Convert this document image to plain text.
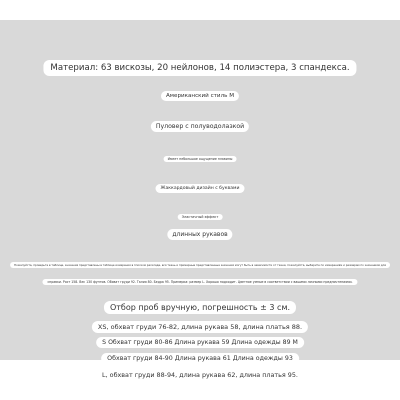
Материал: 63 вискозы, 20 нейлонов, 14 полиэстера, 3 спандекса.
Американский стиль М
Пуловер с полуводолазкой
Имеет небольшое ощущение плавины
Жаккардовый дизайн с буквами
Эластичный эффект
длинных рукавов
Пожалуйста, проверьте в таблице, значения представлены в таблице измерения в плоском раскладе, вся ткань и примерные представленные значения могут быть в зависимости от ткани, пожалуйста, выберите по измерениям и размерам по значениям для
справки. Рост 158. Вес 130 фунтов. Обхват груди 92. Талия 80. Бедра 95. Примерка: размер L. Хорошо подходит. Цветное умные в соответствии с вашими личными предпочтениями.
Отбор проб вручную, погрешность ± 3 см.
XS, обхват груди 76-82, длина рукава 58, длина платья 88.
S Обхват груди 80-86 Длина рукава 59 Длина одежды 89 M
Обхват груди 84-90 Длина рукава 61 Длина одежды 93
L, обхват груди 88-94, длина рукава 62, длина платья 95.
